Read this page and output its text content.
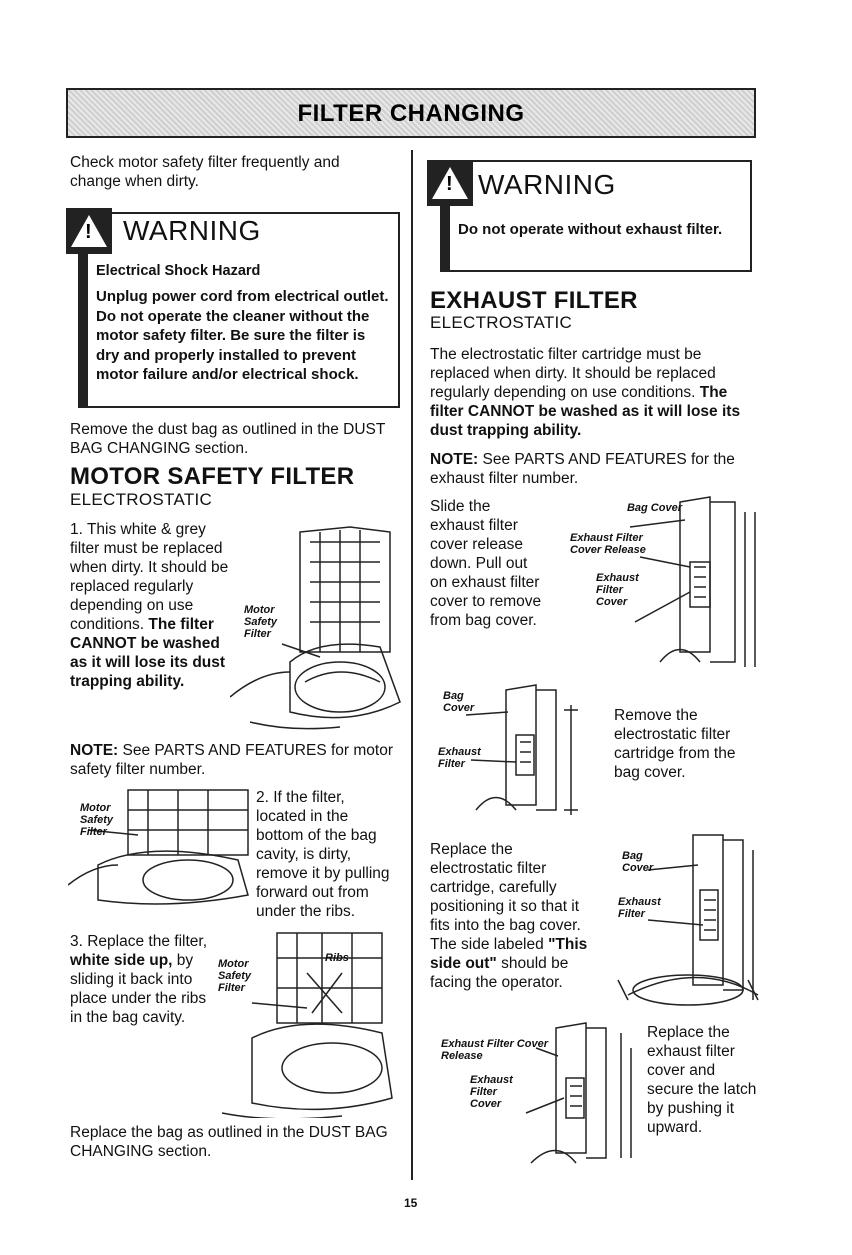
FILTER CHANGING
Check motor safety filter frequently and change when dirty.
! WARNING
Electrical Shock Hazard
Unplug power cord from electrical outlet. Do not operate the cleaner without the motor safety filter. Be sure the filter is dry and properly installed to prevent motor failure and/or electrical shock.
Remove the dust bag as outlined in the DUST BAG CHANGING section.
MOTOR SAFETY FILTER
ELECTROSTATIC
1. This white & grey filter must be replaced when dirty. It should be replaced regularly depending on use conditions. The filter CANNOT be washed as it will lose its dust trapping ability.
Motor
Safety
Filter
NOTE: See PARTS AND FEATURES for motor safety filter number.
Motor
Safety
Filter
2. If the filter, located in the bottom of the bag cavity, is dirty, remove it by pulling forward out from under the ribs.
3. Replace the filter, white side up, by sliding it back into place under the ribs in the bag cavity.
Motor
Safety
Filter
Ribs
Replace the bag as outlined in the DUST BAG CHANGING section.
! WARNING
Do not operate without exhaust filter.
EXHAUST FILTER
ELECTROSTATIC
The electrostatic filter cartridge must be replaced when dirty. It should be replaced regularly depending on use conditions. The filter CANNOT be washed as it will lose its dust trapping ability.
NOTE: See PARTS AND FEATURES for the exhaust filter number.
Slide the exhaust filter cover release down. Pull out on exhaust filter cover to remove from bag cover.
Bag Cover
Exhaust Filter Cover Release
Exhaust Filter Cover
Bag Cover
Exhaust Filter
Remove the electrostatic filter cartridge from the bag cover.
Replace the electrostatic filter cartridge, carefully positioning it so that it fits into the bag cover. The side labeled "This side out" should be facing the operator.
Bag Cover
Exhaust Filter
Exhaust Filter Cover Release
Exhaust Filter Cover
Replace the exhaust filter cover and secure the latch by pushing it upward.
15
